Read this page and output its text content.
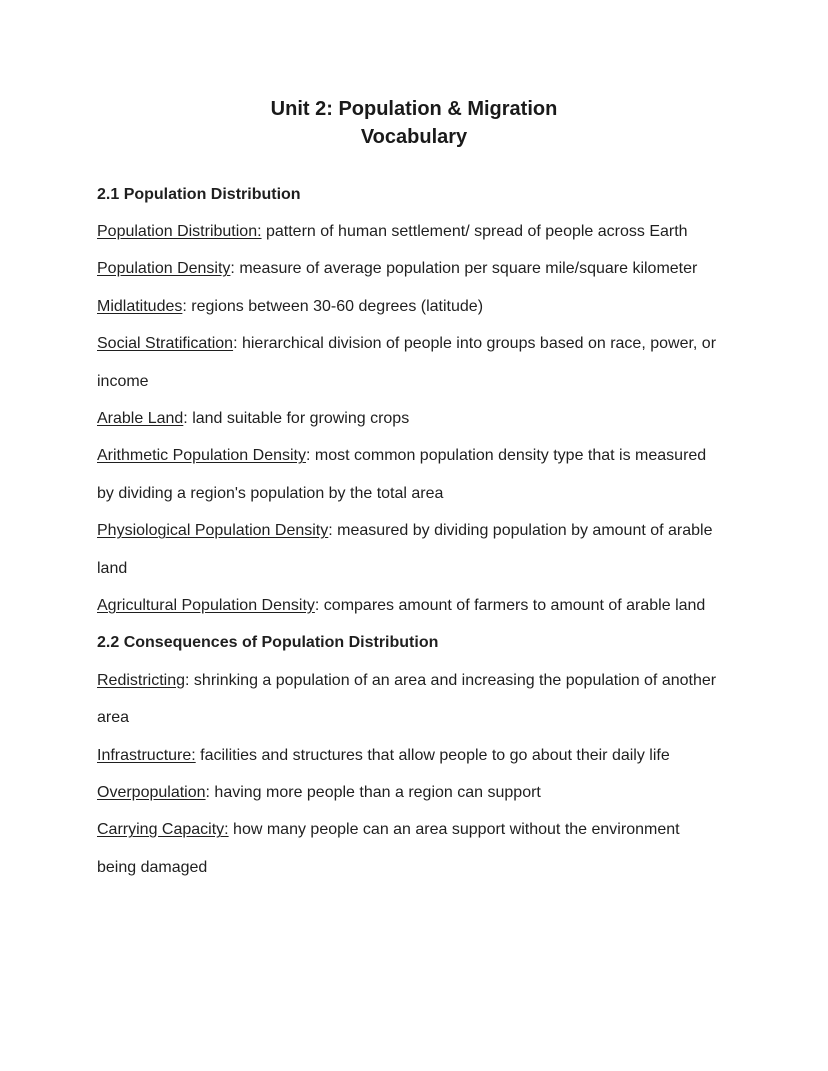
Unit 2: Population & Migration
Vocabulary
2.1 Population Distribution
Population Distribution: pattern of human settlement/ spread of people across Earth
Population Density : measure of average population per square mile/square kilometer
Midlatitudes : regions between 30-60 degrees (latitude)
Social Stratification : hierarchical division of people into groups based on race, power, or
income
Arable Land : land suitable for growing crops
Arithmetic Population Density : most common population density type that is measured
by dividing a region's population by the total area
Physiological Population Density : measured by dividing population by amount of arable
land
Agricultural Population Density : compares amount of farmers to amount of arable land
2.2 Consequences of Population Distribution
Redistricting : shrinking a population of an area and increasing the population of another
area
Infrastructure: facilities and structures that allow people to go about their daily life
Overpopulation : having more people than a region can support
Carrying Capacity: how many people can an area support without the environment
being damaged
